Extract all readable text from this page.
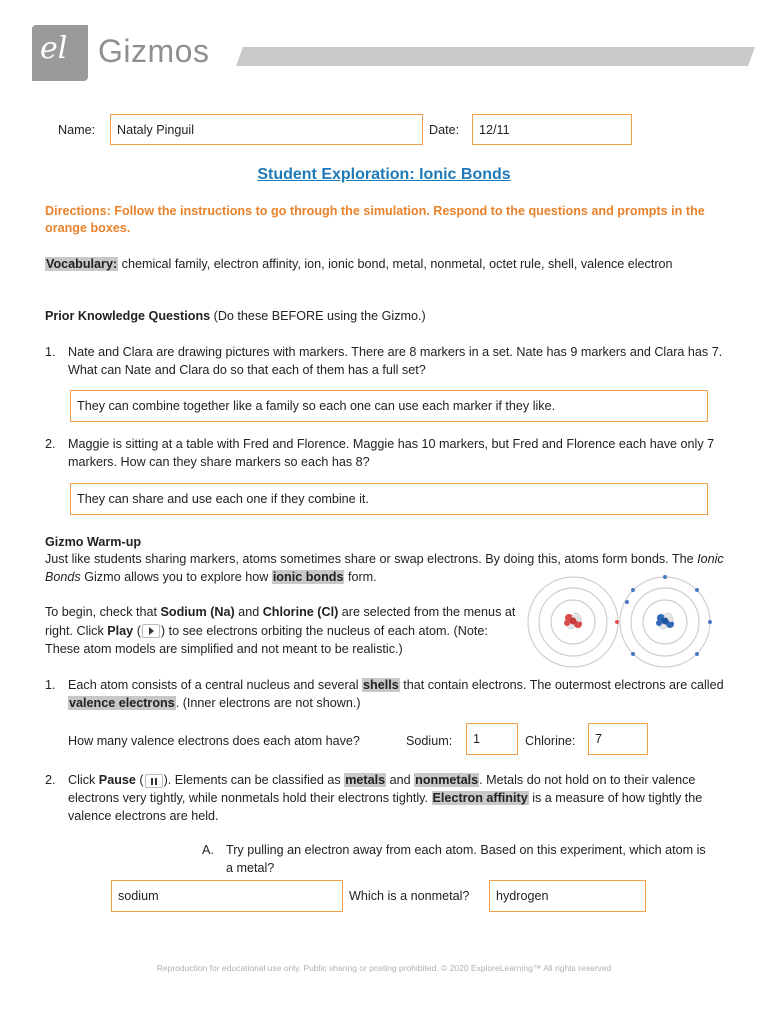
el Gizmos
Name:	Nataly Pinguil	Date:	12/11
Student Exploration: Ionic Bonds
Directions: Follow the instructions to go through the simulation. Respond to the questions and prompts in the orange boxes.
Vocabulary: chemical family, electron affinity, ion, ionic bond, metal, nonmetal, octet rule, shell, valence electron
Prior Knowledge Questions (Do these BEFORE using the Gizmo.)
1. Nate and Clara are drawing pictures with markers. There are 8 markers in a set. Nate has 9 markers and Clara has 7. What can Nate and Clara do so that each of them has a full set?
They can combine together like a family so each one can use each marker if they like.
2. Maggie is sitting at a table with Fred and Florence. Maggie has 10 markers, but Fred and Florence each have only 7 markers. How can they share markers so each has 8?
They can share and use each one if they combine it.
Gizmo Warm-up
Just like students sharing markers, atoms sometimes share or swap electrons. By doing this, atoms form bonds. The Ionic Bonds Gizmo allows you to explore how ionic bonds form.
To begin, check that Sodium (Na) and Chlorine (Cl) are selected from the menus at right. Click Play ( ) to see electrons orbiting the nucleus of each atom. (Note: These atom models are simplified and not meant to be realistic.)
1. Each atom consists of a central nucleus and several shells that contain electrons. The outermost electrons are called valence electrons. (Inner electrons are not shown.)
How many valence electrons does each atom have?	Sodium:	1	Chlorine:	7
2. Click Pause ( ). Elements can be classified as metals and nonmetals. Metals do not hold on to their valence electrons very tightly, while nonmetals hold their electrons tightly. Electron affinity is a measure of how tightly the valence electrons are held.
A. Try pulling an electron away from each atom. Based on this experiment, which atom is a metal?
sodium	Which is a nonmetal?	hydrogen
Reproduction for educational use only. Public sharing or posting prohibited. © 2020 ExploreLearning™ All rights reserved
